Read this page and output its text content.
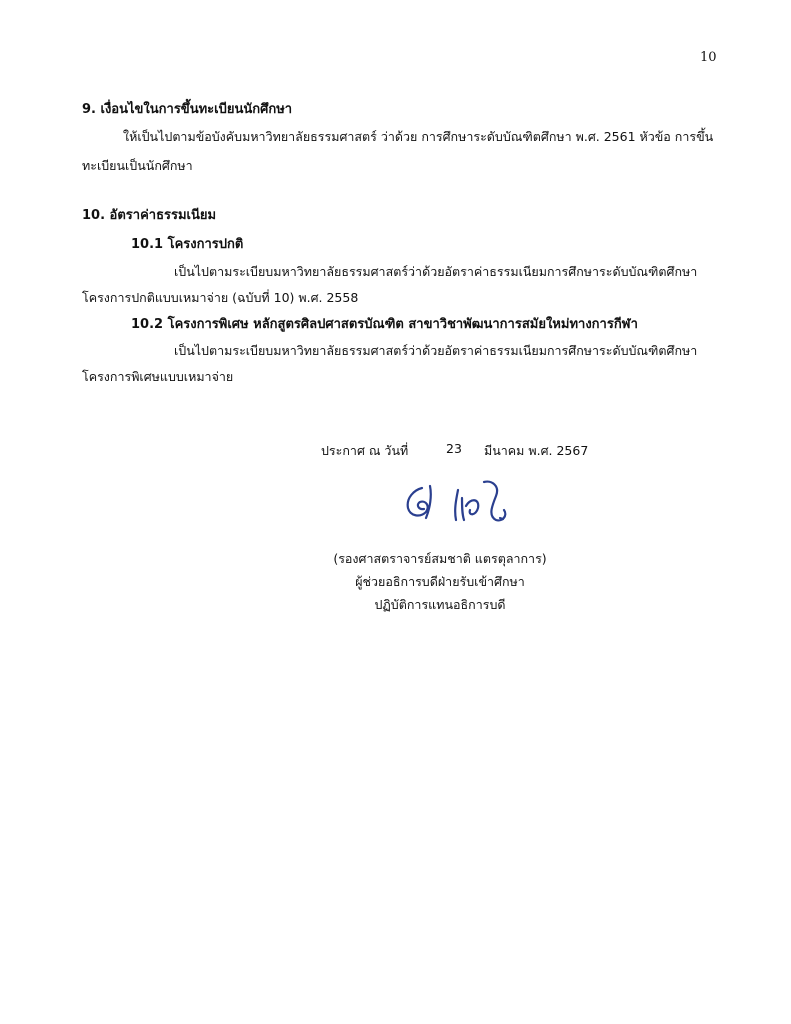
10
9. เงื่อนไขในการขึ้นทะเบียนนักศึกษา
ให้เป็นไปตามข้อบังคับมหาวิทยาลัยธรรมศาสตร์ ว่าด้วย การศึกษาระดับบัณฑิตศึกษา พ.ศ. 2561 หัวข้อ การขึ้น
ทะเบียนเป็นนักศึกษา
10. อัตราค่าธรรมเนียม
10.1 โครงการปกติ
เป็นไปตามระเบียบมหาวิทยาลัยธรรมศาสตร์ว่าด้วยอัตราค่าธรรมเนียมการศึกษาระดับบัณฑิตศึกษา
โครงการปกติแบบเหมาจ่าย (ฉบับที่ 10) พ.ศ. 2558
10.2 โครงการพิเศษ หลักสูตรศิลปศาสตรบัณฑิต สาขาวิชาพัฒนาการสมัยใหม่ทางการกีฬา
เป็นไปตามระเบียบมหาวิทยาลัยธรรมศาสตร์ว่าด้วยอัตราค่าธรรมเนียมการศึกษาระดับบัณฑิตศึกษา
โครงการพิเศษแบบเหมาจ่าย
ประกาศ ณ วันที่	23 มีนาคม พ.ศ. 2567
(รองศาสตราจารย์สมชาติ แตรตุลาการ)
ผู้ช่วยอธิการบดีฝ่ายรับเข้าศึกษา
ปฏิบัติการแทนอธิการบดี
